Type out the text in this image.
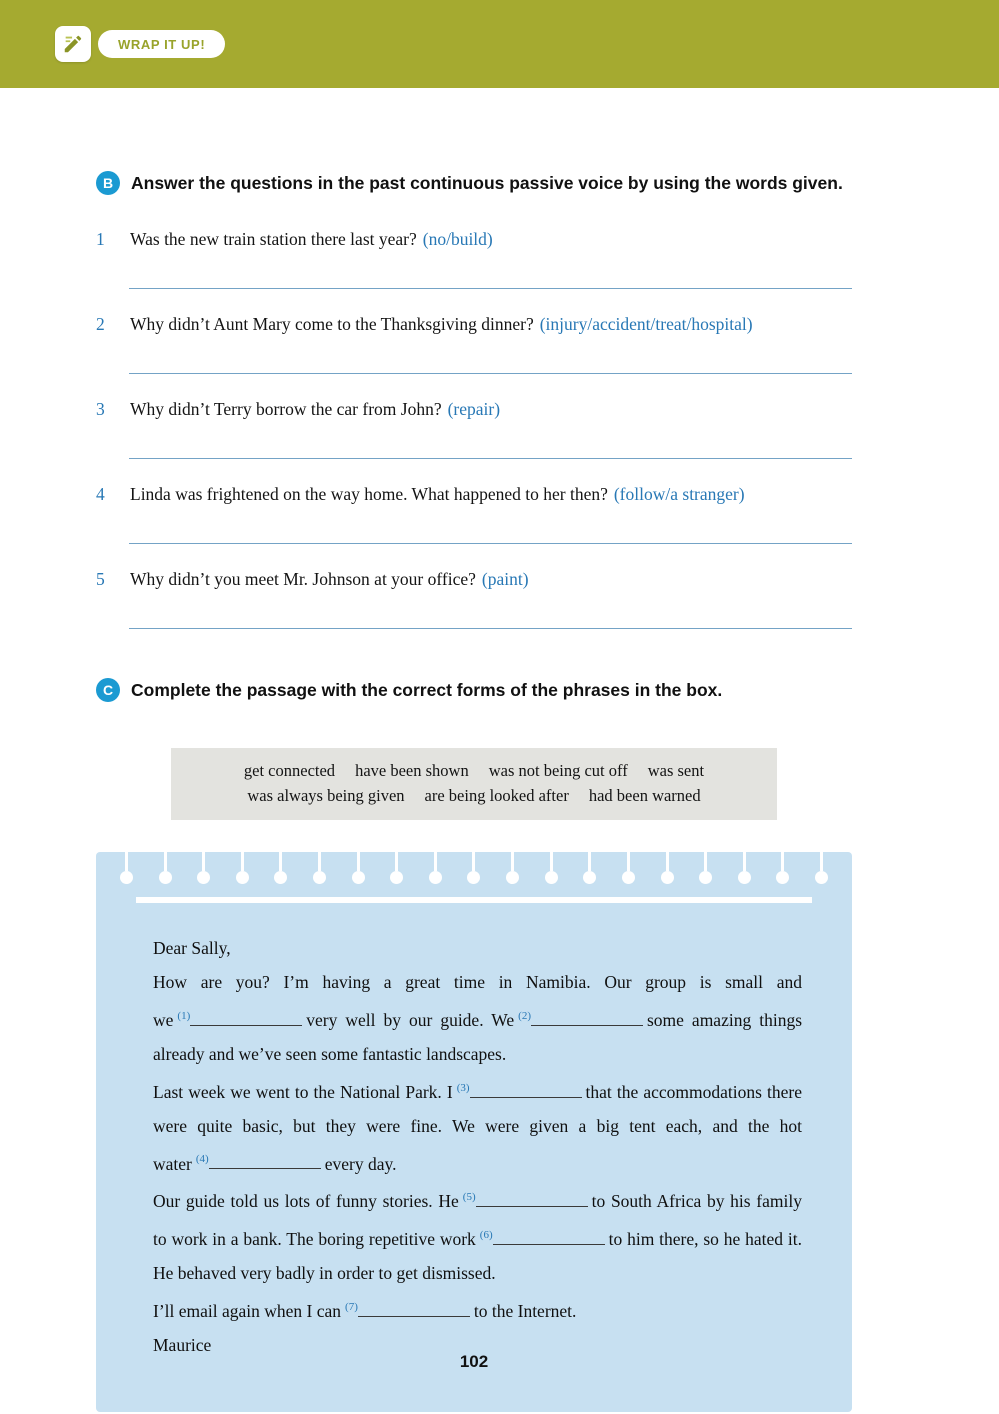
WRAP IT UP!
B	Answer the questions in the past continuous passive voice by using the words given.
1	Was the new train station there last year? (no/build)
2	Why didn’t Aunt Mary come to the Thanksgiving dinner? (injury/accident/treat/hospital)
3	Why didn’t Terry borrow the car from John? (repair)
4	Linda was frightened on the way home. What happened to her then? (follow/a stranger)
5	Why didn’t you meet Mr. Johnson at your office? (paint)
C	Complete the passage with the correct forms of the phrases in the box.
get connected have been shown was not being cut off was sent
was always being given are being looked after had been warned

Dear Sally,

How are you? I’m having a great time in Namibia. Our group is small and we $^{(1)}$	very well by our guide. We $^{(2)}$	some amazing things already and we’ve seen some fantastic landscapes.

Last week we went to the National Park. I $^{(3)}$	that the accommodations there were quite basic, but they were fine. We were given a big tent each, and the hot water $^{(4)}$	every day.

Our guide told us lots of funny stories. He $^{(5)}$	to South Africa by his family to work in a bank. The boring repetitive work $^{(6)}$	to him there, so he hated it. He behaved very badly in order to get dismissed.

I’ll email again when I can $^{(7)}$	to the Internet.

Maurice

102
